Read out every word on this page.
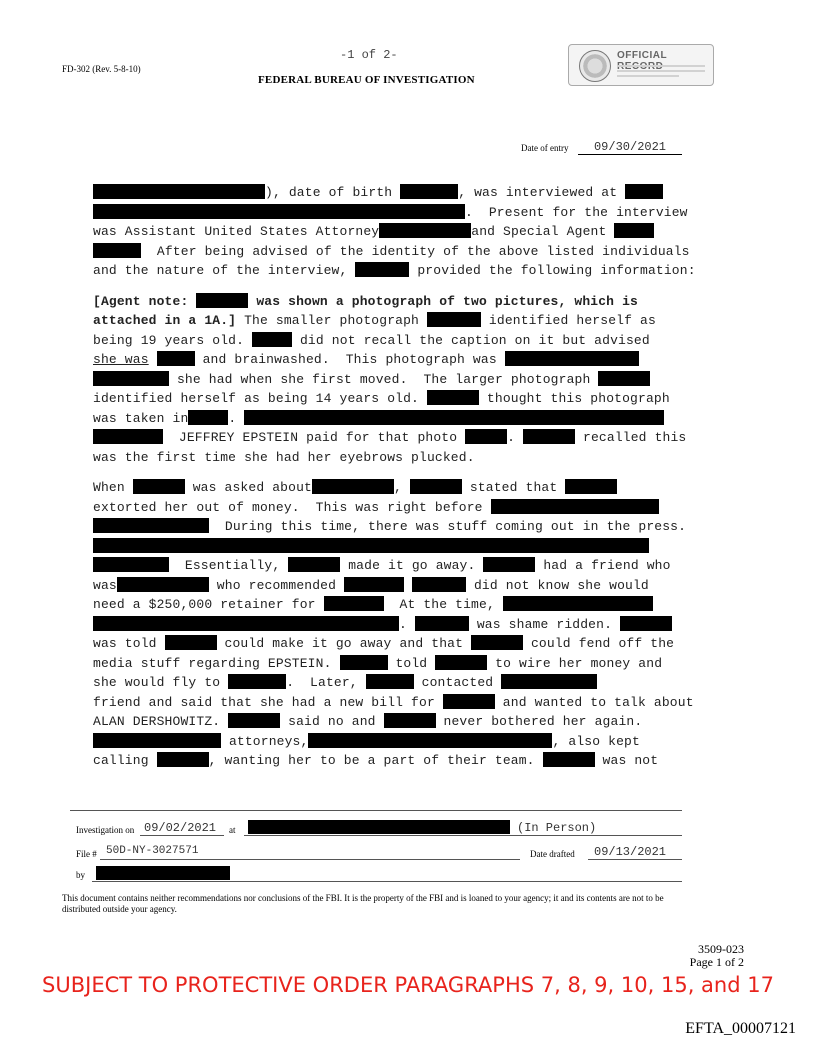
FD-302 (Rev. 5-8-10)
-1 of 2-
FEDERAL BUREAU OF INVESTIGATION
OFFICIAL
Date of entry	09/30/2021

), date of birth	, was interviewed at
.  Present for the interview
was Assistant United States Attorney	and Special Agent
After being advised of the identity of the above listed individuals
and the nature of the interview,	provided the following information:

[Agent note:	was shown a photograph of two pictures, which is
attached in a 1A.] The smaller photograph	identified herself as
being 19 years old.	did not recall the caption on it but advised
she was	and brainwashed.  This photograph was
she had when she first moved.  The larger photograph
identified herself as being 14 years old.	thought this photograph
was taken in	.
JEFFREY EPSTEIN paid for that photo	.	recalled this
was the first time she had her eyebrows plucked.

When	was asked about	,	stated that
extorted her out of money.  This was right before
During this time, there was stuff coming out in the press.

Essentially,	made it go away.	had a friend who
was	who recommended	did not know she would
need a $250,000 retainer for	At the time,
.	was shame ridden.
was told	could make it go away and that	could fend off the
media stuff regarding EPSTEIN.	told	to wire her money and
she would fly to	.  Later,	contacted
friend and said that she had a new bill for	and wanted to talk about
ALAN DERSHOWITZ.	said no and	never bothered her again.
attorneys,	, also kept
calling	, wanting her to be a part of their team.	was not

Investigation on 09/02/2021 at	(In Person)
File # 50D-NY-3027571	Date drafted 09/13/2021
by
This document contains neither recommendations nor conclusions of the FBI. It is the property of the FBI and is loaned to your agency; it and its contents are not to be distributed outside your agency.
3509-023
Page 1 of 2
SUBJECT TO PROTECTIVE ORDER PARAGRAPHS 7, 8, 9, 10, 15, and 17
EFTA_00007121
